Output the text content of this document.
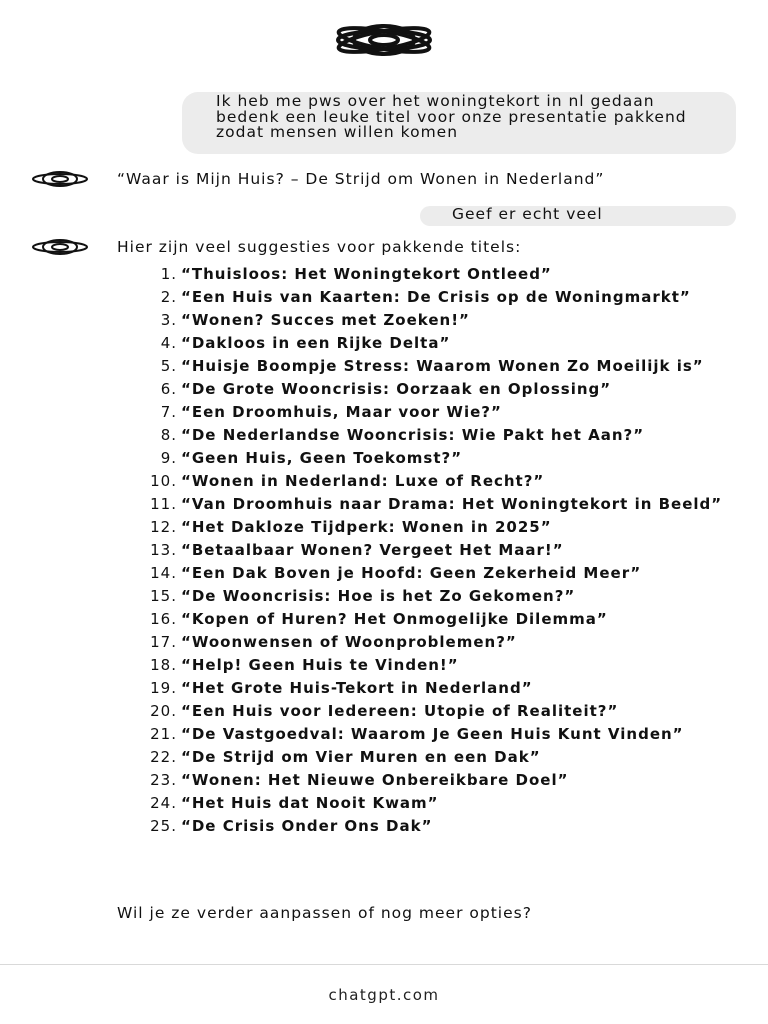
Ik heb me pws over het woningtekort in nl gedaan bedenk een leuke titel voor onze presentatie pakkend zodat mensen willen komen
“Waar is Mijn Huis? – De Strijd om Wonen in Nederland”
Geef er echt veel
Hier zijn veel suggesties voor pakkende titels:
1. “Thuisloos: Het Woningtekort Ontleed”
2. “Een Huis van Kaarten: De Crisis op de Woningmarkt”
3. “Wonen? Succes met Zoeken!”
4. “Dakloos in een Rijke Delta”
5. “Huisje Boompje Stress: Waarom Wonen Zo Moeilijk is”
6. “De Grote Wooncrisis: Oorzaak en Oplossing”
7. “Een Droomhuis, Maar voor Wie?”
8. “De Nederlandse Wooncrisis: Wie Pakt het Aan?”
9. “Geen Huis, Geen Toekomst?”
10. “Wonen in Nederland: Luxe of Recht?”
11. “Van Droomhuis naar Drama: Het Woningtekort in Beeld”
12. “Het Dakloze Tijdperk: Wonen in 2025”
13. “Betaalbaar Wonen? Vergeet Het Maar!”
14. “Een Dak Boven je Hoofd: Geen Zekerheid Meer”
15. “De Wooncrisis: Hoe is het Zo Gekomen?”
16. “Kopen of Huren? Het Onmogelijke Dilemma”
17. “Woonwensen of Woonproblemen?”
18. “Help! Geen Huis te Vinden!”
19. “Het Grote Huis-Tekort in Nederland”
20. “Een Huis voor Iedereen: Utopie of Realiteit?”
21. “De Vastgoedval: Waarom Je Geen Huis Kunt Vinden”
22. “De Strijd om Vier Muren en een Dak”
23. “Wonen: Het Nieuwe Onbereikbare Doel”
24. “Het Huis dat Nooit Kwam”
25. “De Crisis Onder Ons Dak”
Wil je ze verder aanpassen of nog meer opties?
chatgpt.com
